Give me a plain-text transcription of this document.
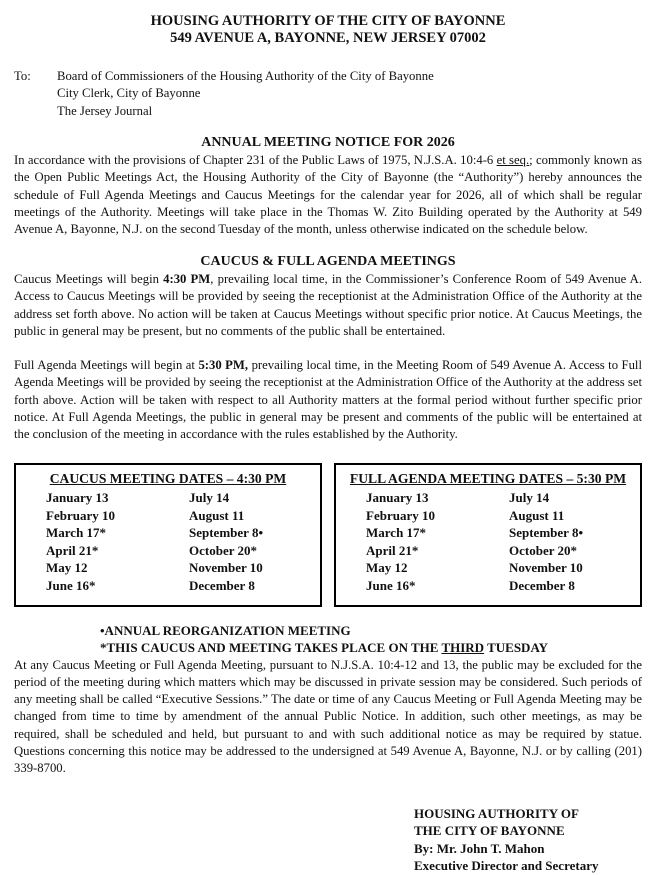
HOUSING AUTHORITY OF THE CITY OF BAYONNE
549 AVENUE A, BAYONNE, NEW JERSEY 07002
To:	Board of Commissioners of the Housing Authority of the City of Bayonne
City Clerk, City of Bayonne
The Jersey Journal
ANNUAL MEETING NOTICE FOR 2026

In accordance with the provisions of Chapter 231 of the Public Laws of 1975, N.J.S.A. 10:4-6 et seq.; commonly known as the Open Public Meetings Act, the Housing Authority of the City of Bayonne (the “Authority”) hereby announces the schedule of Full Agenda Meetings and Caucus Meetings for the calendar year for 2026, all of which shall be regular meetings of the Authority. Meetings will take place in the Thomas W. Zito Building operated by the Authority at 549 Avenue A, Bayonne, N.J. on the second Tuesday of the month, unless otherwise indicated on the schedule below.

CAUCUS & FULL AGENDA MEETINGS

Caucus Meetings will begin 4:30 PM, prevailing local time, in the Commissioner’s Conference Room of 549 Avenue A. Access to Caucus Meetings will be provided by seeing the receptionist at the Administration Office of the Authority at the address set forth above. No action will be taken at Caucus Meetings without specific prior notice. At Caucus Meetings, the public in general may be present, but no comments of the public shall be entertained.

Full Agenda Meetings will begin at 5:30 PM, prevailing local time, in the Meeting Room of 549 Avenue A. Access to Full Agenda Meetings will be provided by seeing the receptionist at the Administration Office of the Authority at the address set forth above. Action will be taken with respect to all Authority matters at the formal period without further specific prior notice. At Full Agenda Meetings, the public in general may be present and comments of the public will be entertained at the conclusion of the meeting in accordance with the rules established by the Authority.

CAUCUS MEETING DATES – 4:30 PM
January 13
February 10
March 17*
April 21*
May 12
June 16*
July 14
August 11
September 8•
October 20*
November 10
December 8
FULL AGENDA MEETING DATES – 5:30 PM
January 13
February 10
March 17*
April 21*
May 12
June 16*
July 14
August 11
September 8•
October 20*
November 10
December 8
•ANNUAL REORGANIZATION MEETING
*THIS CAUCUS AND MEETING TAKES PLACE ON THE THIRD TUESDAY

At any Caucus Meeting or Full Agenda Meeting, pursuant to N.J.S.A. 10:4-12 and 13, the public may be excluded for the period of the meeting during which matters which may be discussed in private session may be considered. Such periods of any meeting shall be called “Executive Sessions.” The date or time of any Caucus Meeting or Full Agenda Meeting may be changed from time to time by amendment of the annual Public Notice. In addition, such other meetings, as may be required, shall be scheduled and held, but pursuant to and with such additional notice as may be required by statue. Questions concerning this notice may be addressed to the undersigned at 549 Avenue A, Bayonne, N.J. or by calling (201) 339-8700.

HOUSING AUTHORITY OF
THE CITY OF BAYONNE
By: Mr. John T. Mahon
Executive Director and Secretary
